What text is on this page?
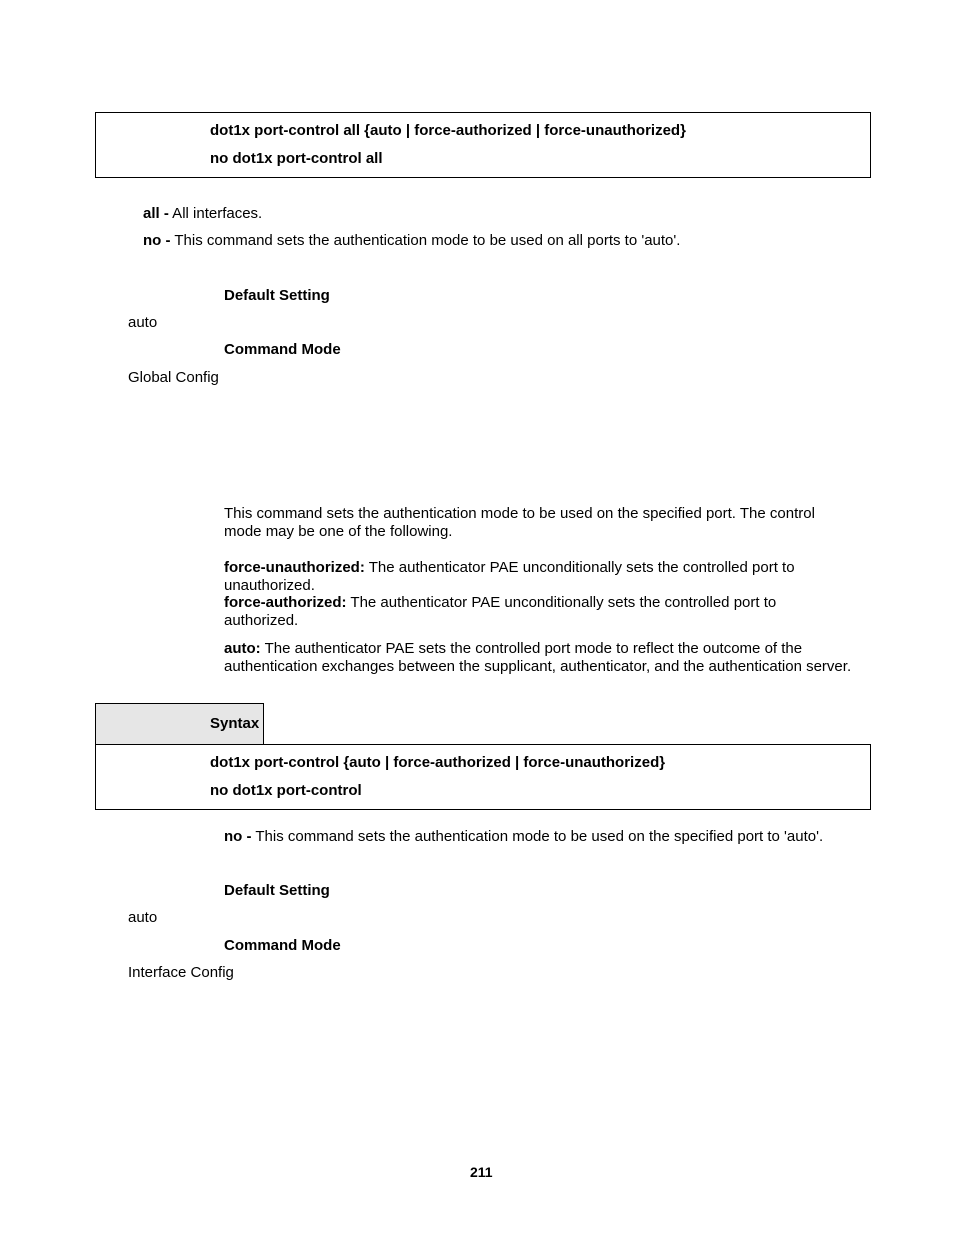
dot1x port-control all {auto | force-authorized | force-unauthorized}
no dot1x port-control all
all - All interfaces.
no - This command sets the authentication mode to be used on all ports to 'auto'.
Default Setting
auto
Command Mode
Global Config
This command sets the authentication mode to be used on the specified port. The control mode may be one of the following.
force-unauthorized: The authenticator PAE unconditionally sets the controlled port to unauthorized.
force-authorized: The authenticator PAE unconditionally sets the controlled port to authorized.
auto: The authenticator PAE sets the controlled port mode to reflect the outcome of the authentication exchanges between the supplicant, authenticator, and the authentication server.
Syntax
dot1x port-control {auto | force-authorized | force-unauthorized}
no dot1x port-control
no - This command sets the authentication mode to be used on the specified port to 'auto'.
Default Setting
auto
Command Mode
Interface Config
211
